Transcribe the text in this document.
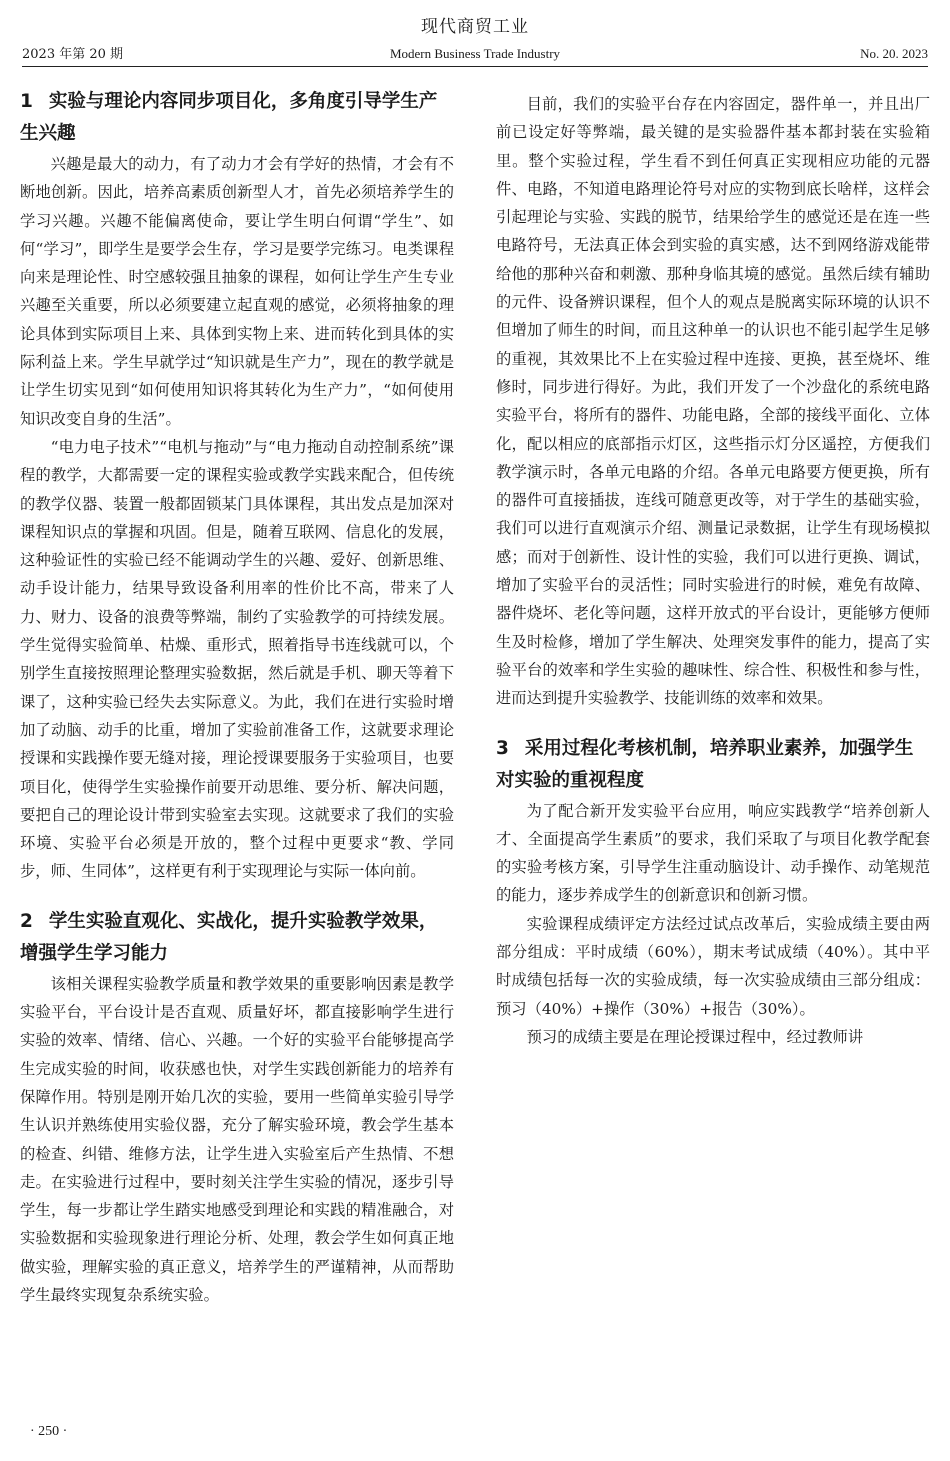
现代商贸工业
2023 年第 20 期	Modern Business Trade Industry	No. 20. 2023
1 实验与理论内容同步项目化，多角度引导学生产生兴趣

兴趣是最大的动力，有了动力才会有学好的热情，才会有不断地创新。因此，培养高素质创新型人才，首先必须培养学生的学习兴趣。兴趣不能偏离使命，要让学生明白何谓“学生”、如何“学习”，即学生是要学会生存，学习是要学完练习。电类课程向来是理论性、时空感较强且抽象的课程，如何让学生产生专业兴趣至关重要，所以必须要建立起直观的感觉，必须将抽象的理论具体到实际项目上来、具体到实物上来、进而转化到具体的实际利益上来。学生早就学过“知识就是生产力”，现在的教学就是让学生切实见到“如何使用知识将其转化为生产力”，“如何使用知识改变自身的生活”。

“电力电子技术”“电机与拖动”与“电力拖动自动控制系统”课程的教学，大都需要一定的课程实验或教学实践来配合，但传统的教学仪器、装置一般都固锁某门具体课程，其出发点是加深对课程知识点的掌握和巩固。但是，随着互联网、信息化的发展，这种验证性的实验已经不能调动学生的兴趣、爱好、创新思维、动手设计能力，结果导致设备利用率的性价比不高，带来了人力、财力、设备的浪费等弊端，制约了实验教学的可持续发展。学生觉得实验简单、枯燥、重形式，照着指导书连线就可以，个别学生直接按照理论整理实验数据，然后就是手机、聊天等着下课了，这种实验已经失去实际意义。为此，我们在进行实验时增加了动脑、动手的比重，增加了实验前准备工作，这就要求理论授课和实践操作要无缝对接，理论授课要服务于实验项目，也要项目化，使得学生实验操作前要开动思维、要分析、解决问题，要把自己的理论设计带到实验室去实现。这就要求了我们的实验环境、实验平台必须是开放的，整个过程中更要求“教、学同步，师、生同体”，这样更有利于实现理论与实际一体向前。

2 学生实验直观化、实战化，提升实验教学效果，增强学生学习能力

该相关课程实验教学质量和教学效果的重要影响因素是教学实验平台，平台设计是否直观、质量好坏，都直接影响学生进行实验的效率、情绪、信心、兴趣。一个好的实验平台能够提高学生完成实验的时间，收获感也快，对学生实践创新能力的培养有保障作用。特别是刚开始几次的实验，要用一些简单实验引导学生认识并熟练使用实验仪器，充分了解实验环境，教会学生基本的检查、纠错、维修方法，让学生进入实验室后产生热情、不想走。在实验进行过程中，要时刻关注学生实验的情况，逐步引导学生，每一步都让学生踏实地感受到理论和实践的精准融合，对实验数据和实验现象进行理论分析、处理，教会学生如何真正地做实验，理解实验的真正意义，培养学生的严谨精神，从而帮助学生最终实现复杂系统实验。

目前，我们的实验平台存在内容固定，器件单一，并且出厂前已设定好等弊端，最关键的是实验器件基本都封装在实验箱里。整个实验过程，学生看不到任何真正实现相应功能的元器件、电路，不知道电路理论符号对应的实物到底长啥样，这样会引起理论与实验、实践的脱节，结果给学生的感觉还是在连一些电路符号，无法真正体会到实验的真实感，达不到网络游戏能带给他的那种兴奋和刺激、那种身临其境的感觉。虽然后续有辅助的元件、设备辨识课程，但个人的观点是脱离实际环境的认识不但增加了师生的时间，而且这种单一的认识也不能引起学生足够的重视，其效果比不上在实验过程中连接、更换，甚至烧坏、维修时，同步进行得好。为此，我们开发了一个沙盘化的系统电路实验平台，将所有的器件、功能电路，全部的接线平面化、立体化，配以相应的底部指示灯区，这些指示灯分区遥控，方便我们教学演示时，各单元电路的介绍。各单元电路要方便更换，所有的器件可直接插拔，连线可随意更改等，对于学生的基础实验，我们可以进行直观演示介绍、测量记录数据，让学生有现场模拟感；而对于创新性、设计性的实验，我们可以进行更换、调试，增加了实验平台的灵活性；同时实验进行的时候，难免有故障、器件烧坏、老化等问题，这样开放式的平台设计，更能够方便师生及时检修，增加了学生解决、处理突发事件的能力，提高了实验平台的效率和学生实验的趣味性、综合性、积极性和参与性，进而达到提升实验教学、技能训练的效率和效果。

3 采用过程化考核机制，培养职业素养，加强学生对实验的重视程度

为了配合新开发实验平台应用，响应实践教学“培养创新人才、全面提高学生素质”的要求，我们采取了与项目化教学配套的实验考核方案，引导学生注重动脑设计、动手操作、动笔规范的能力，逐步养成学生的创新意识和创新习惯。

实验课程成绩评定方法经过试点改革后，实验成绩主要由两部分组成：平时成绩（60%），期末考试成绩（40%）。其中平时成绩包括每一次的实验成绩，每一次实验成绩由三部分组成：预习（40%）+操作（30%）+报告（30%）。

预习的成绩主要是在理论授课过程中，经过教师讲

· 250 ·
